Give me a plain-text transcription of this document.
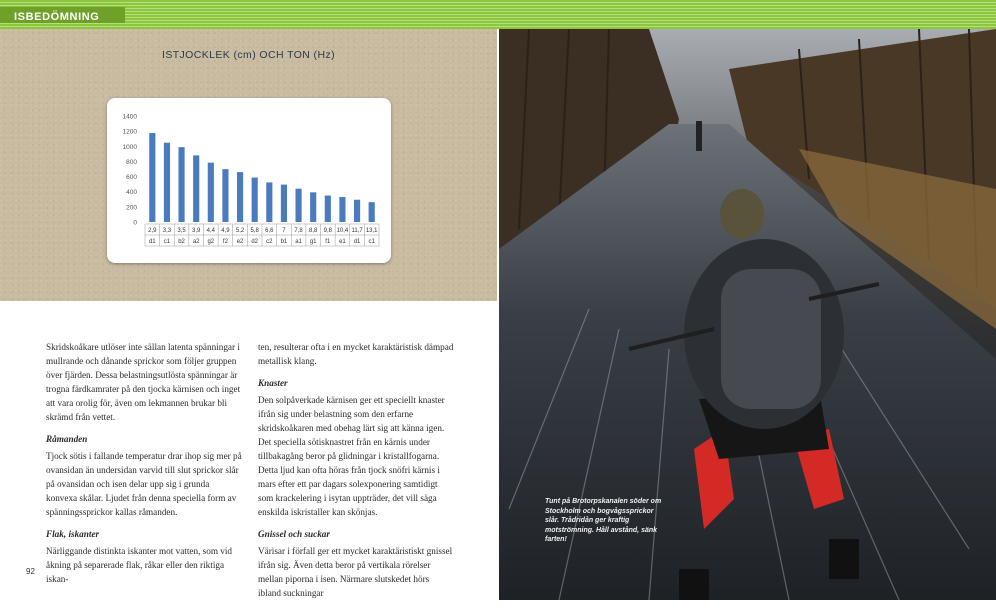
ISBEDÖMNING
ISTJOCKLEK (cm) OCH TON (Hz)
0
200
400
600
800
1000
1200
1400
2,9
d1
3,3
c1
3,5
b2
3,9
a2
4,4
g2
4,9
f2
5,2
e2
5,8
d2
6,6
c2
7
b1
7,8
a1
8,8
g1
9,8
f1
10,4
e1
11,7
d1
13,1
c1

Skridskoåkare utlöser inte sällan latenta spänningar i mullrande och dånande sprickor som följer gruppen över fjärden. Dessa belastningsutlösta spänningar är trogna färdkamrater på den tjocka kärnisen och inget att vara orolig för, även om lekmannen brukar bli skrämd från vettet.

Råmanden

Tjock sötis i fallande temperatur drar ihop sig mer på ovansidan än undersidan varvid till slut sprickor slår på ovansidan och isen delar upp sig i grunda konvexa skålar. Ljudet från denna speciella form av spänningssprickor kallas råmanden.

Flak, iskanter

Närliggande distinkta iskanter mot vatten, som vid åkning på separerade flak, råkar eller den riktiga iskan-

ten, resulterar ofta i en mycket karaktäristisk dämpad metallisk klang.

Knaster

Den solpåverkade kärnisen ger ett speciellt knaster ifrån sig under belastning som den erfarne skridskoåkaren med obehag lärt sig att känna igen. Det speciella sötisknastret från en kärnis under tillbakagång beror på glidningar i kristallfogarna. Detta ljud kan ofta höras från tjock snöfri kärnis i mars efter ett par dagars solexponering samtidigt som krackelering i isytan uppträder, det vill säga enskilda iskristaller kan skönjas.

Gnissel och suckar

Värisar i förfall ger ett mycket karaktäristiskt gnissel ifrån sig. Även detta beror på vertikala rörelser mellan piporna i isen. Närmare slutskedet hörs ibland suckningar

92
Tunt på Brotorpskanalen söder om Stockholm och bogvågssprickor slår. Trådridån ger kraftig motströmning. Håll avstånd, sänk farten!
